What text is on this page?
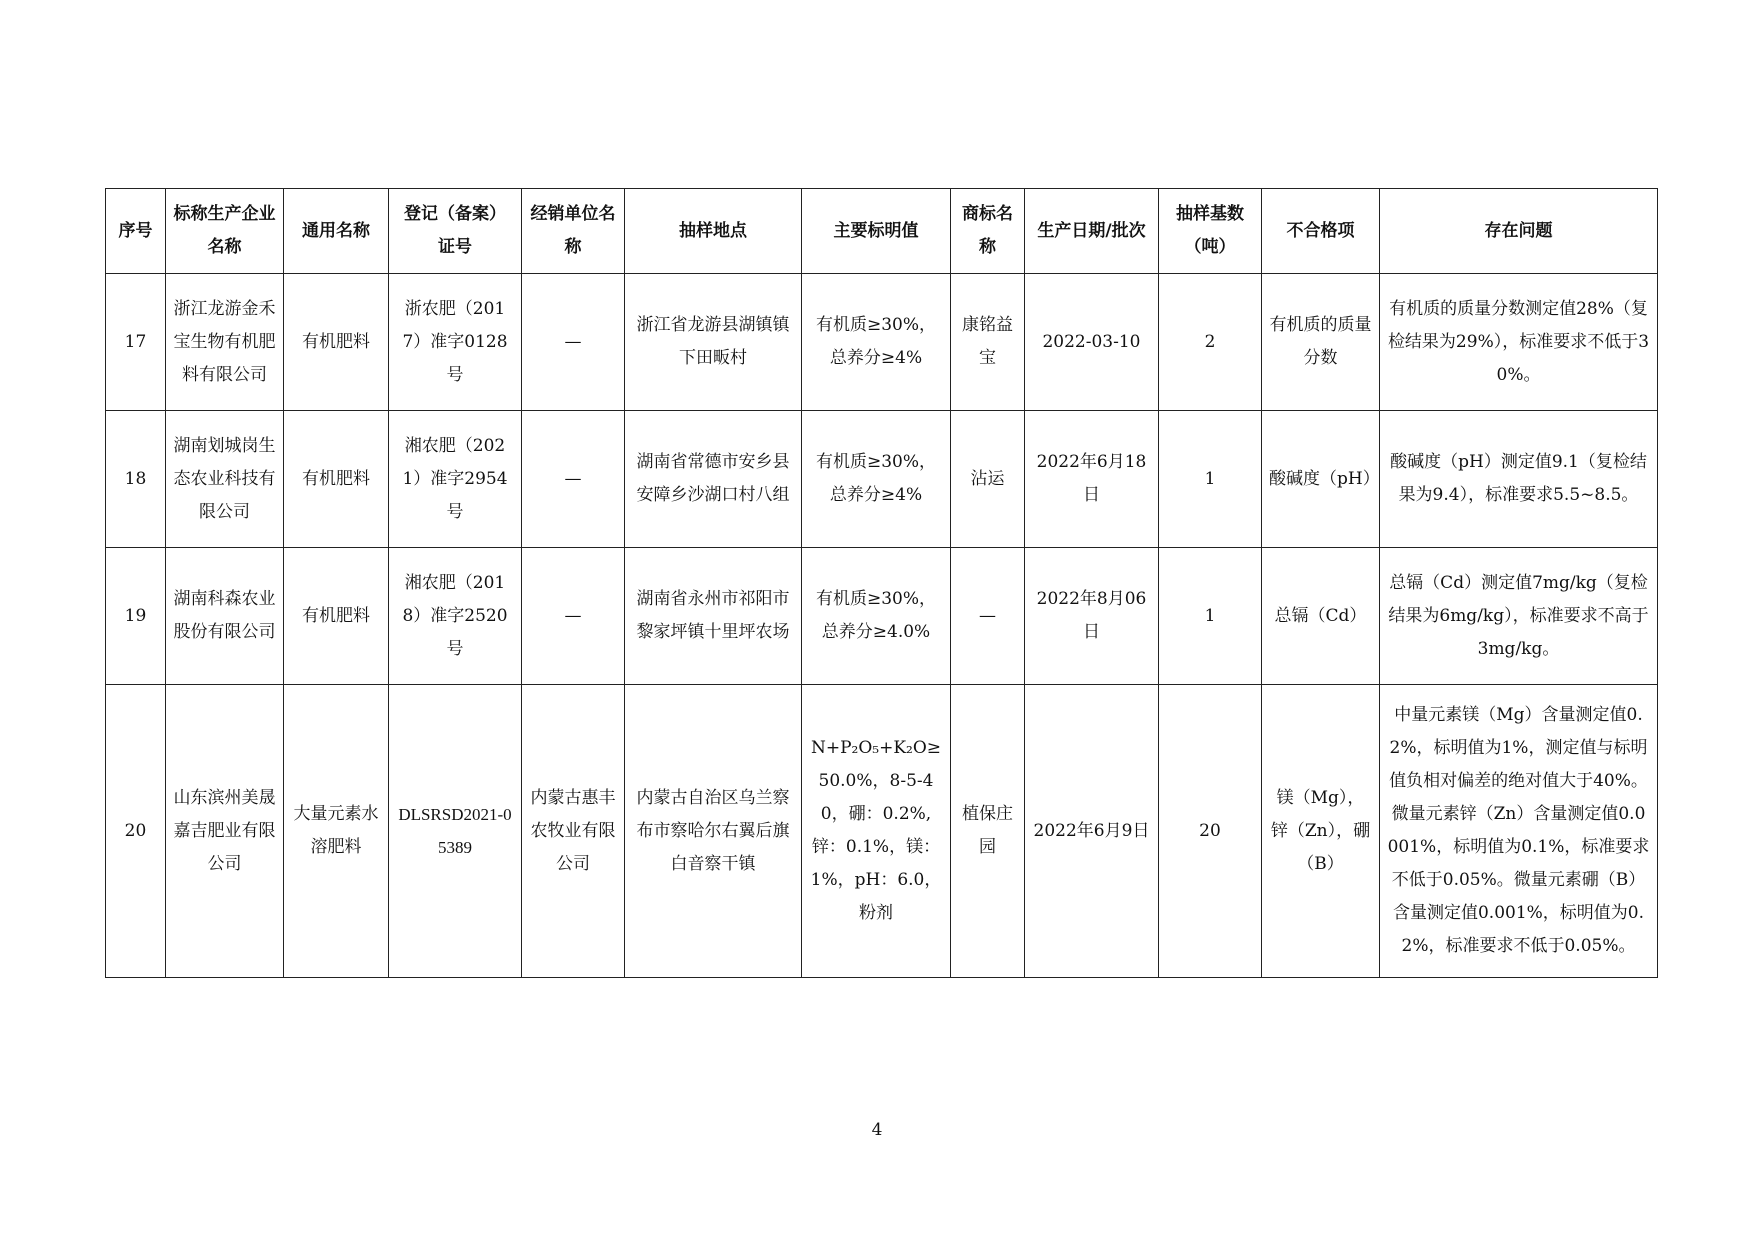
序号	标称生产企业名称	通用名称	登记（备案）证号	经销单位名称	抽样地点	主要标明值	商标名称	生产日期/批次	抽样基数（吨）	不合格项	存在问题
17	浙江龙游金禾宝生物有机肥料有限公司	有机肥料	浙农肥（2017）准字0128号	—	浙江省龙游县湖镇镇下田畈村	有机质≥30%，总养分≥4%	康铭益宝	2022-03-10	2	有机质的质量分数	有机质的质量分数测定值28%（复检结果为29%），标准要求不低于30%。
18	湖南划城岗生态农业科技有限公司	有机肥料	湘农肥（2021）准字2954号	—	湖南省常德市安乡县安障乡沙湖口村八组	有机质≥30%，总养分≥4%	沾运	2022年6月18日	1	酸碱度（pH）	酸碱度（pH）测定值9.1（复检结果为9.4），标准要求5.5~8.5。
19	湖南科森农业股份有限公司	有机肥料	湘农肥（2018）准字2520号	—	湖南省永州市祁阳市黎家坪镇十里坪农场	有机质≥30%，总养分≥4.0%	—	2022年8月06日	1	总镉（Cd）	总镉（Cd）测定值7mg/kg（复检结果为6mg/kg），标准要求不高于3mg/kg。
20	山东滨州美晟嘉吉肥业有限公司	大量元素水溶肥料	DLSRSD2021-05389	内蒙古惠丰农牧业有限公司	内蒙古自治区乌兰察布市察哈尔右翼后旗白音察干镇	N+P₂O₅+K₂O≥50.0%，8-5-40，硼：0.2%,锌：0.1%，镁：1%，pH：6.0，粉剂	植保庄园	2022年6月9日	20	镁（Mg），锌（Zn），硼（B）	中量元素镁（Mg）含量测定值0.2%，标明值为1%，测定值与标明值负相对偏差的绝对值大于40%。微量元素锌（Zn）含量测定值0.0001%，标明值为0.1%，标准要求不低于0.05%。微量元素硼（B）含量测定值0.001%，标明值为0.2%，标准要求不低于0.05%。
4
